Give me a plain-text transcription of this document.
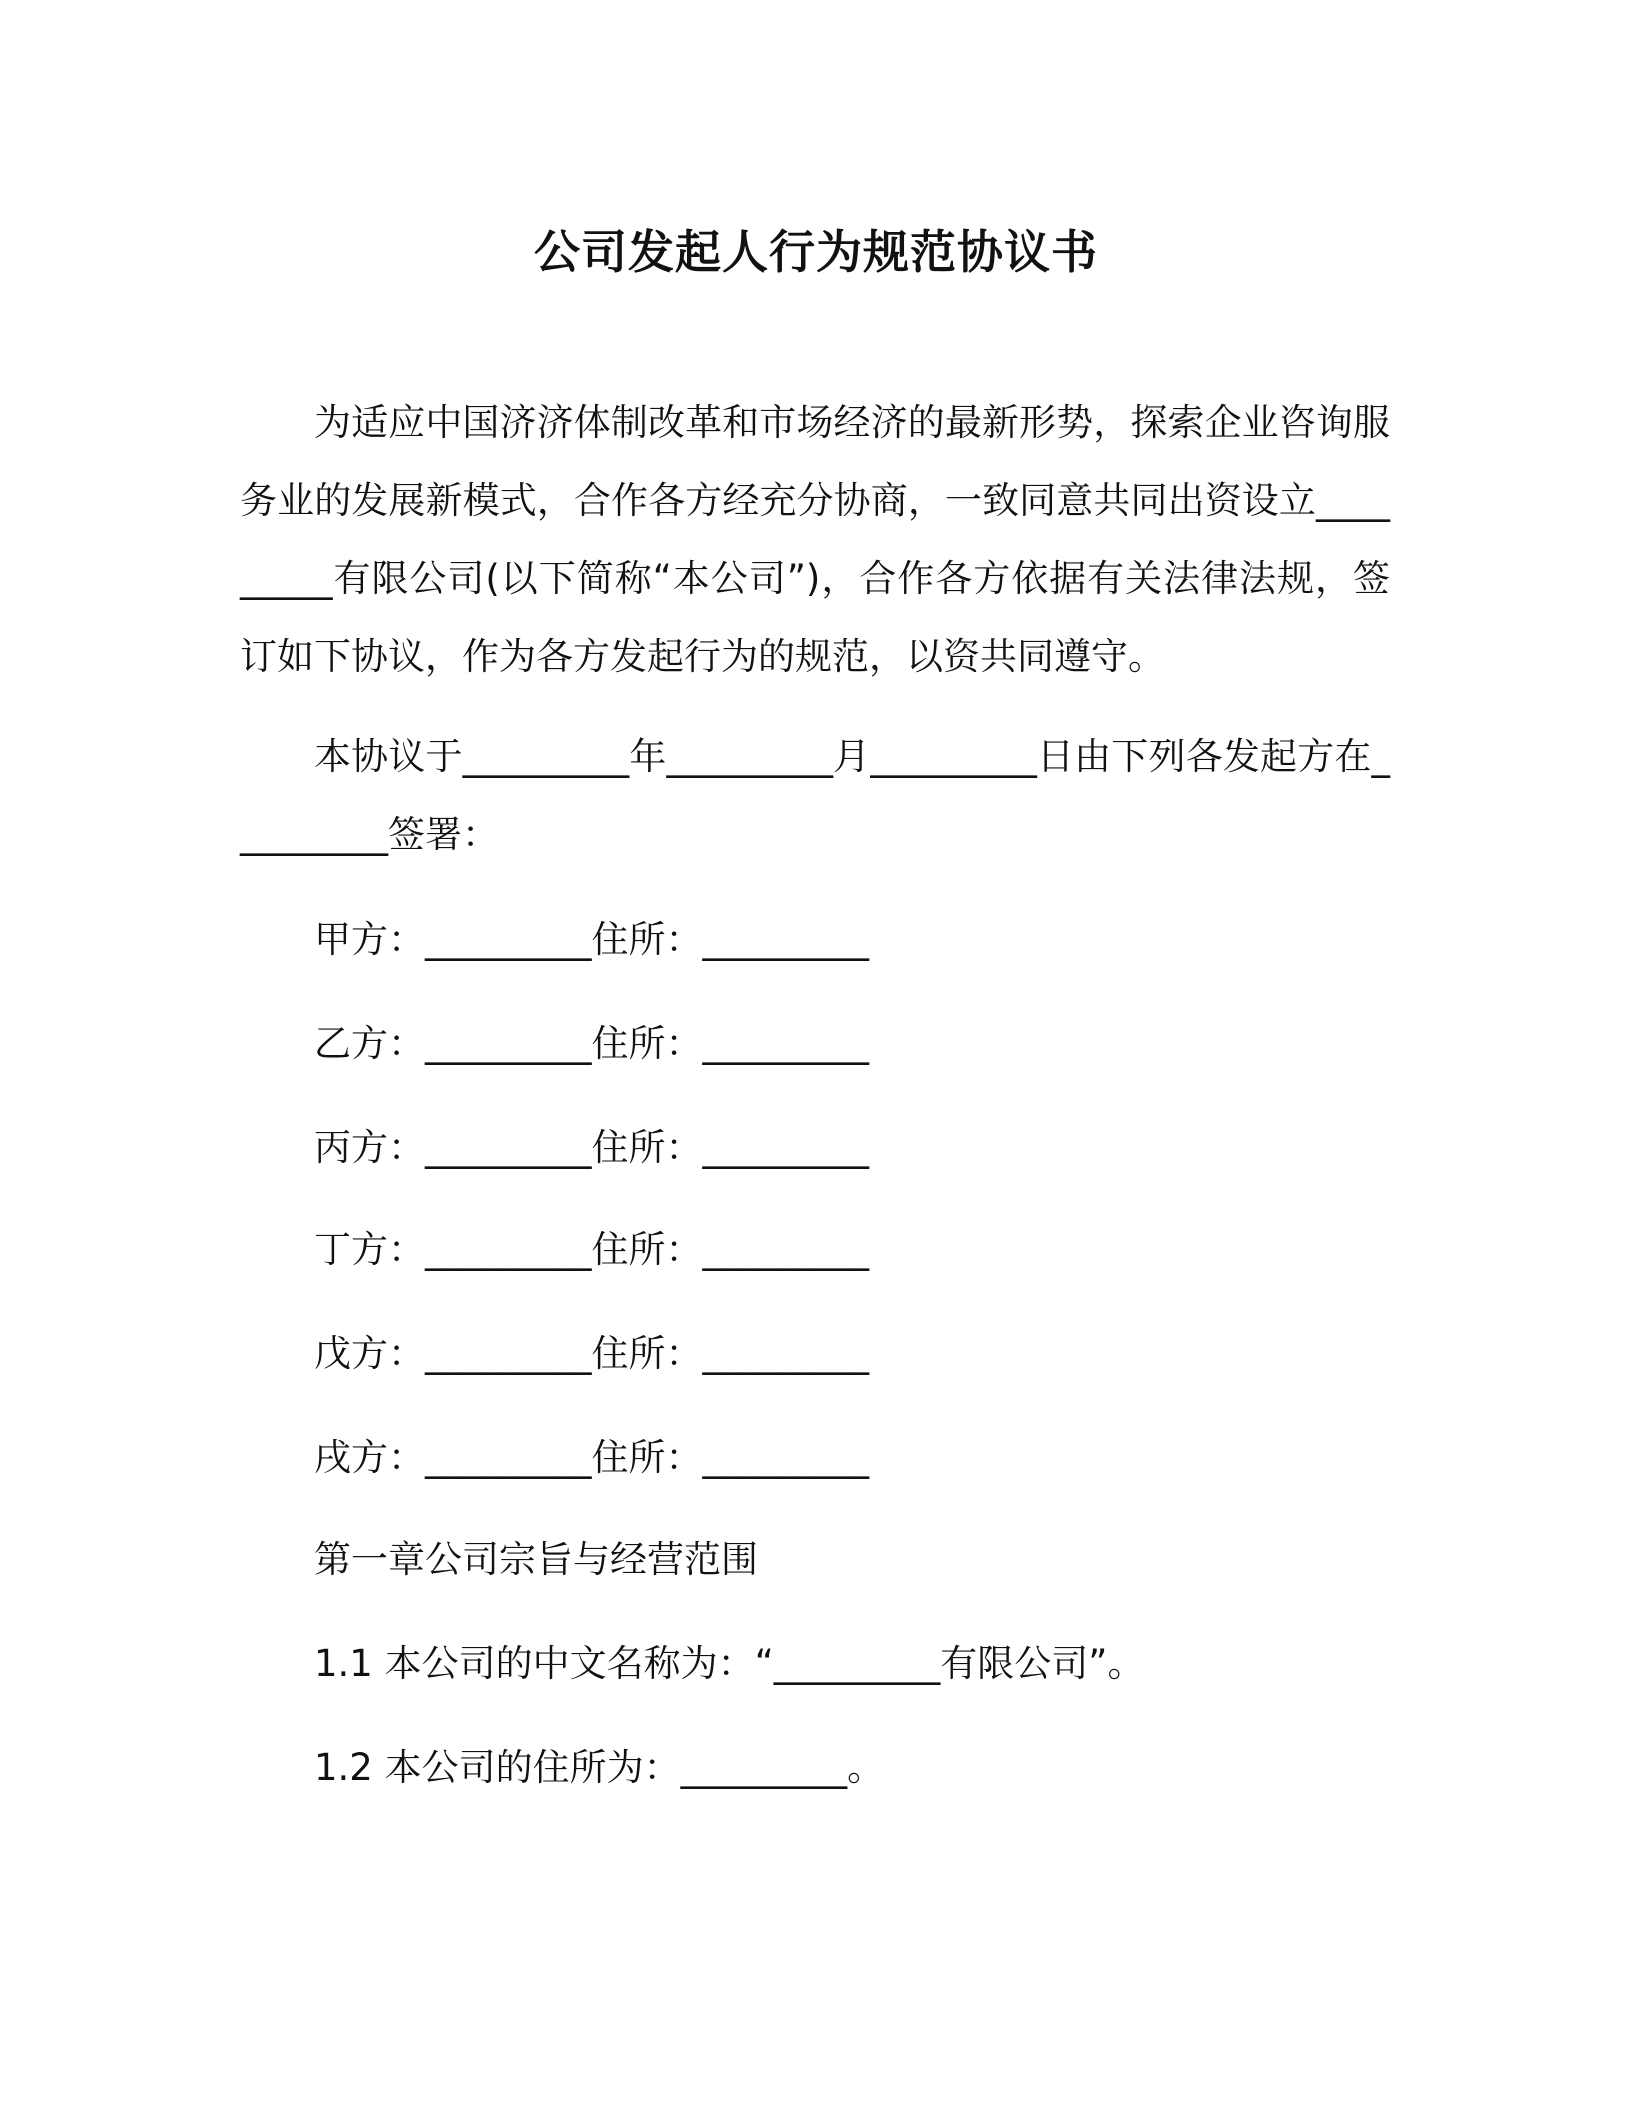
公司发起人行为规范协议书
为适应中国济济体制改革和市场经济的最新形势，探索企业咨询服务业的发展新模式，合作各方经充分协商，一致同意共同出资设立_________有限公司(以下简称“本公司”)，合作各方依据有关法律法规，签订如下协议，作为各方发起行为的规范，以资共同遵守。
本协议于_________年_________月_________日由下列各发起方在_________签署：
甲方：_________住所：_________
乙方：_________住所：_________
丙方：_________住所：_________
丁方：_________住所：_________
戊方：_________住所：_________
戌方：_________住所：_________
第一章公司宗旨与经营范围
1.1 本公司的中文名称为：“_________有限公司”。
1.2 本公司的住所为：_________。
